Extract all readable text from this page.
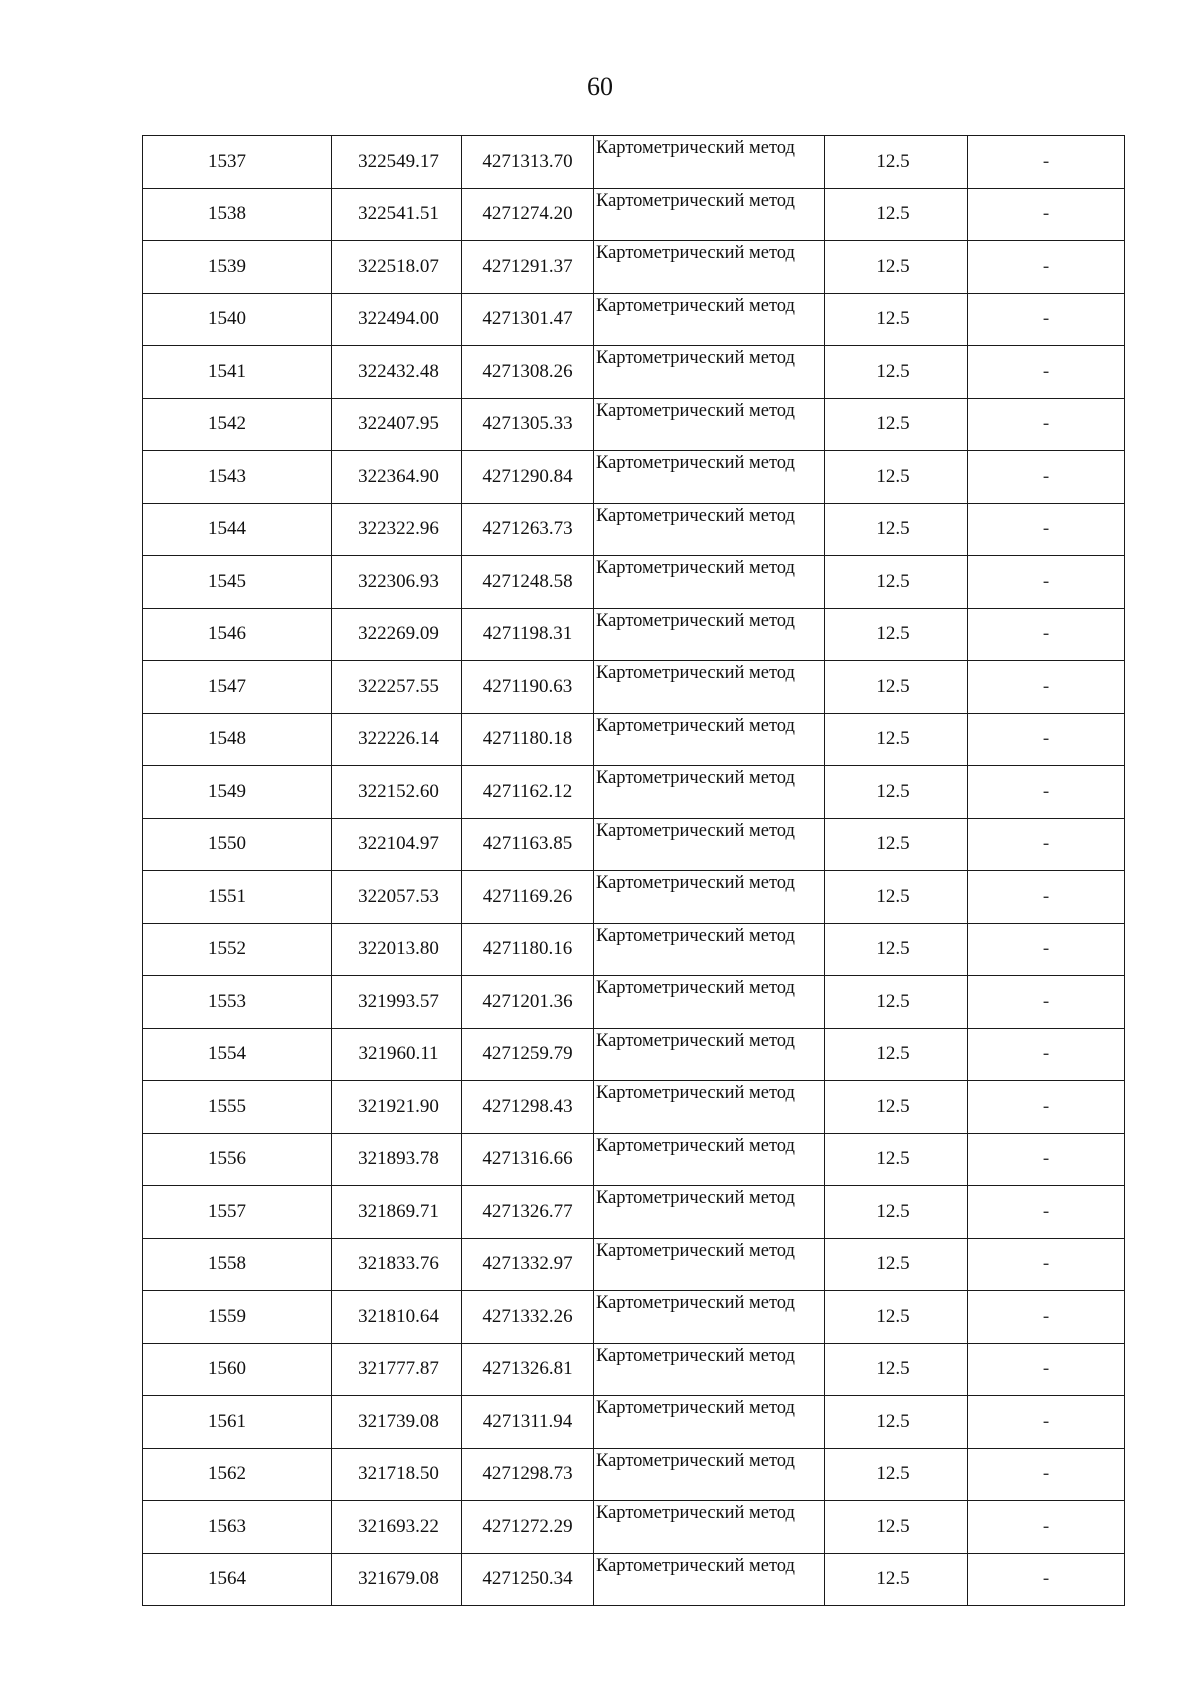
60
1537	322549.17	4271313.70	Картометрический метод	12.5	-
1538	322541.51	4271274.20	Картометрический метод	12.5	-
1539	322518.07	4271291.37	Картометрический метод	12.5	-
1540	322494.00	4271301.47	Картометрический метод	12.5	-
1541	322432.48	4271308.26	Картометрический метод	12.5	-
1542	322407.95	4271305.33	Картометрический метод	12.5	-
1543	322364.90	4271290.84	Картометрический метод	12.5	-
1544	322322.96	4271263.73	Картометрический метод	12.5	-
1545	322306.93	4271248.58	Картометрический метод	12.5	-
1546	322269.09	4271198.31	Картометрический метод	12.5	-
1547	322257.55	4271190.63	Картометрический метод	12.5	-
1548	322226.14	4271180.18	Картометрический метод	12.5	-
1549	322152.60	4271162.12	Картометрический метод	12.5	-
1550	322104.97	4271163.85	Картометрический метод	12.5	-
1551	322057.53	4271169.26	Картометрический метод	12.5	-
1552	322013.80	4271180.16	Картометрический метод	12.5	-
1553	321993.57	4271201.36	Картометрический метод	12.5	-
1554	321960.11	4271259.79	Картометрический метод	12.5	-
1555	321921.90	4271298.43	Картометрический метод	12.5	-
1556	321893.78	4271316.66	Картометрический метод	12.5	-
1557	321869.71	4271326.77	Картометрический метод	12.5	-
1558	321833.76	4271332.97	Картометрический метод	12.5	-
1559	321810.64	4271332.26	Картометрический метод	12.5	-
1560	321777.87	4271326.81	Картометрический метод	12.5	-
1561	321739.08	4271311.94	Картометрический метод	12.5	-
1562	321718.50	4271298.73	Картометрический метод	12.5	-
1563	321693.22	4271272.29	Картометрический метод	12.5	-
1564	321679.08	4271250.34	Картометрический метод	12.5	-
